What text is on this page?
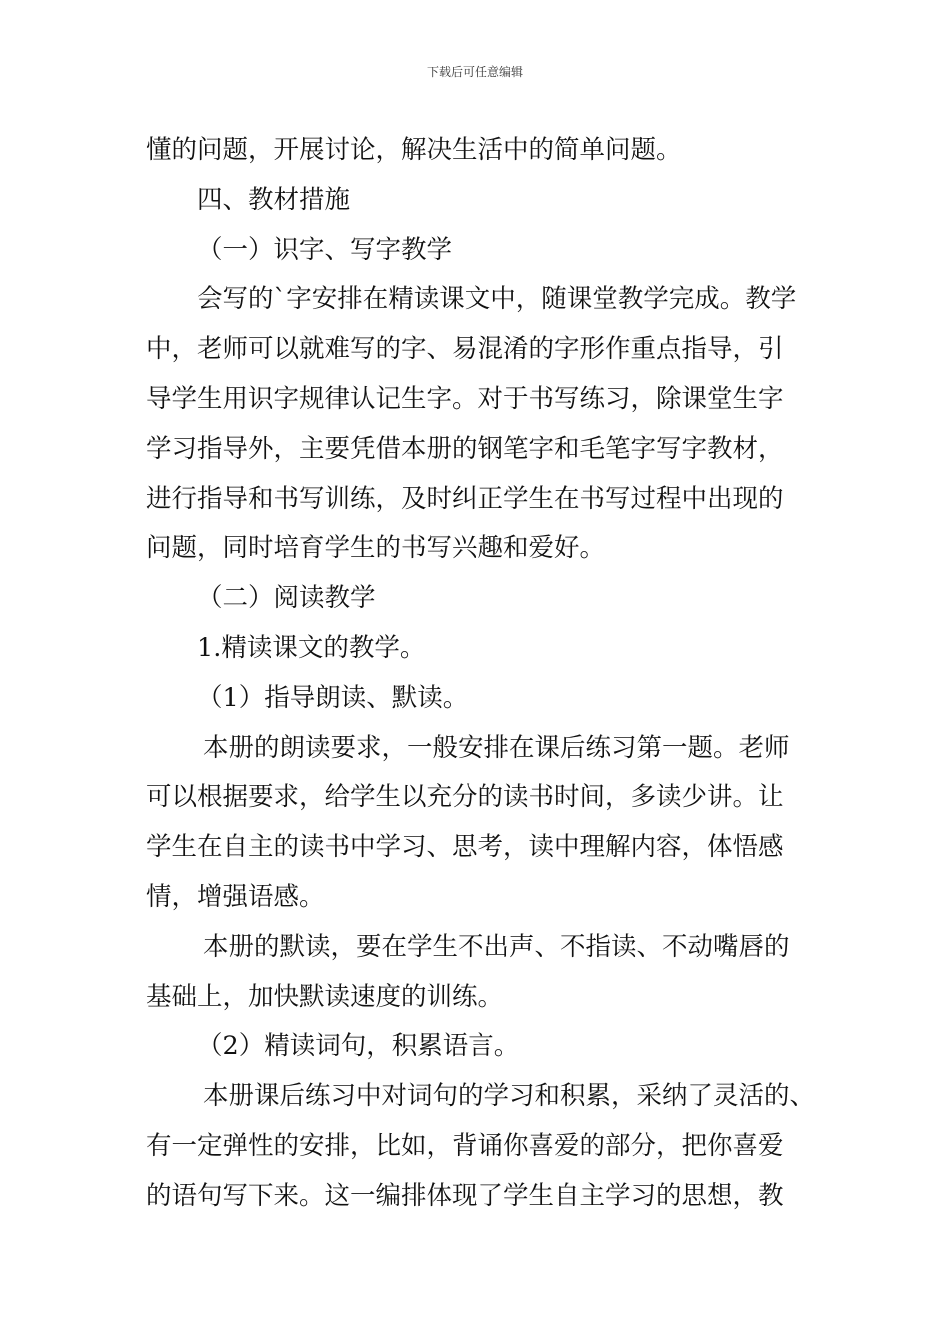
下载后可任意编辑
懂的问题，开展讨论，解决生活中的简单问题。
四、教材措施
（一）识字、写字教学
会写的`字安排在精读课文中，随课堂教学完成。教学
中，老师可以就难写的字、易混淆的字形作重点指导，引
导学生用识字规律认记生字。对于书写练习，除课堂生字
学习指导外，主要凭借本册的钢笔字和毛笔字写字教材，
进行指导和书写训练，及时纠正学生在书写过程中出现的
问题，同时培育学生的书写兴趣和爱好。
（二）阅读教学
1.精读课文的教学。
（1）指导朗读、默读。
本册的朗读要求，一般安排在课后练习第一题。老师
可以根据要求，给学生以充分的读书时间，多读少讲。让
学生在自主的读书中学习、思考，读中理解内容，体悟感
情，增强语感。
本册的默读，要在学生不出声、不指读、不动嘴唇的
基础上，加快默读速度的训练。
（2）精读词句，积累语言。
本册课后练习中对词句的学习和积累，采纳了灵活的、
有一定弹性的安排，比如，背诵你喜爱的部分，把你喜爱
的语句写下来。这一编排体现了学生自主学习的思想，教
